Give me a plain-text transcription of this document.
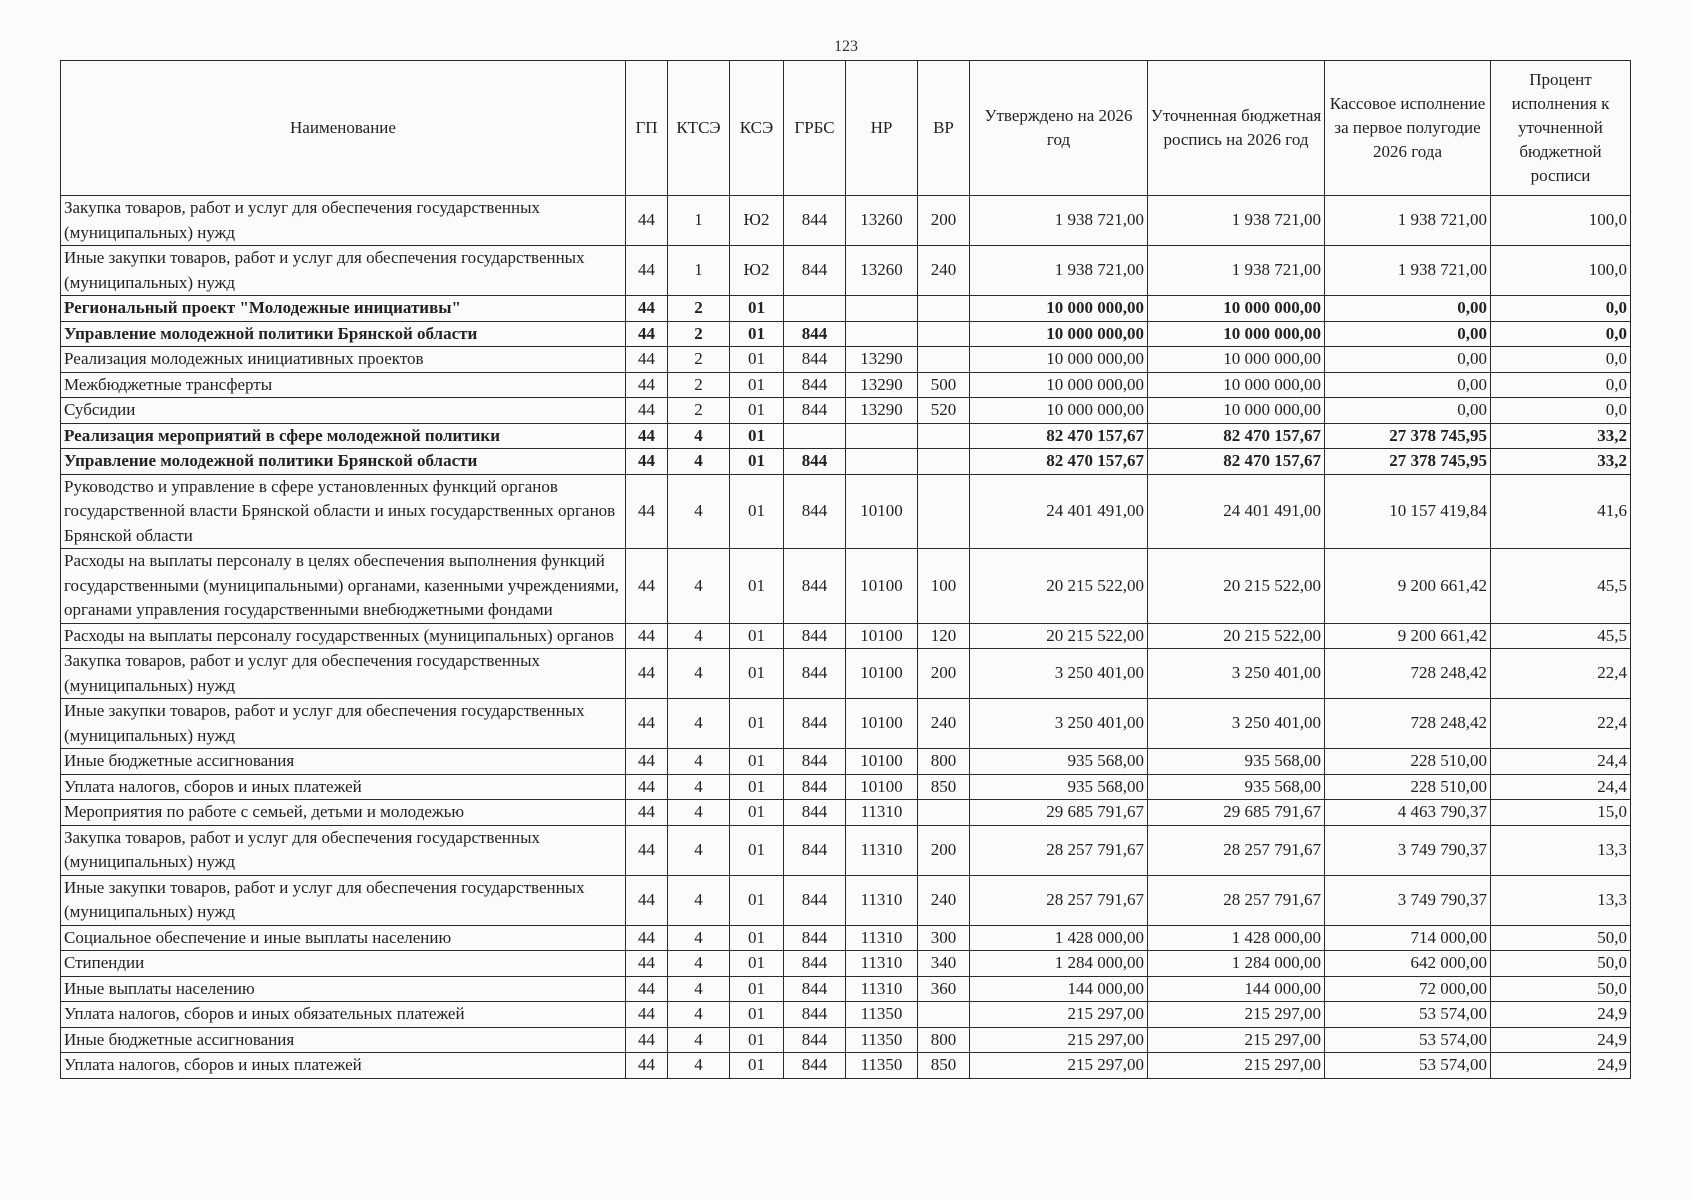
123
Наименование	ГП	КТСЭ	КСЭ	ГРБС	НР	ВР	Утверждено на 2026 год	Уточненная бюджетная роспись на 2026 год	Кассовое исполнение за первое полугодие 2026 года	Процент исполнения к уточненной бюджетной росписи
Закупка товаров, работ и услуг для обеспечения государственных (муниципальных) нужд	44	1	Ю2	844	13260	200	1 938 721,00	1 938 721,00	1 938 721,00	100,0
Иные закупки товаров, работ и услуг для обеспечения государственных (муниципальных) нужд	44	1	Ю2	844	13260	240	1 938 721,00	1 938 721,00	1 938 721,00	100,0
Региональный проект "Молодежные инициативы"	44	2	01				10 000 000,00	10 000 000,00	0,00	0,0
Управление молодежной политики Брянской области	44	2	01	844			10 000 000,00	10 000 000,00	0,00	0,0
Реализация молодежных инициативных проектов	44	2	01	844	13290		10 000 000,00	10 000 000,00	0,00	0,0
Межбюджетные трансферты	44	2	01	844	13290	500	10 000 000,00	10 000 000,00	0,00	0,0
Субсидии	44	2	01	844	13290	520	10 000 000,00	10 000 000,00	0,00	0,0
Реализация мероприятий в сфере молодежной политики	44	4	01				82 470 157,67	82 470 157,67	27 378 745,95	33,2
Управление молодежной политики Брянской области	44	4	01	844			82 470 157,67	82 470 157,67	27 378 745,95	33,2
Руководство и управление в сфере установленных функций органов государственной власти Брянской области и иных государственных органов Брянской области	44	4	01	844	10100		24 401 491,00	24 401 491,00	10 157 419,84	41,6
Расходы на выплаты персоналу в целях обеспечения выполнения функций государственными (муниципальными) органами, казенными учреждениями, органами управления государственными внебюджетными фондами	44	4	01	844	10100	100	20 215 522,00	20 215 522,00	9 200 661,42	45,5
Расходы на выплаты персоналу государственных (муниципальных) органов	44	4	01	844	10100	120	20 215 522,00	20 215 522,00	9 200 661,42	45,5
Закупка товаров, работ и услуг для обеспечения государственных (муниципальных) нужд	44	4	01	844	10100	200	3 250 401,00	3 250 401,00	728 248,42	22,4
Иные закупки товаров, работ и услуг для обеспечения государственных (муниципальных) нужд	44	4	01	844	10100	240	3 250 401,00	3 250 401,00	728 248,42	22,4
Иные бюджетные ассигнования	44	4	01	844	10100	800	935 568,00	935 568,00	228 510,00	24,4
Уплата налогов, сборов и иных платежей	44	4	01	844	10100	850	935 568,00	935 568,00	228 510,00	24,4
Мероприятия по работе с семьей, детьми и молодежью	44	4	01	844	11310		29 685 791,67	29 685 791,67	4 463 790,37	15,0
Закупка товаров, работ и услуг для обеспечения государственных (муниципальных) нужд	44	4	01	844	11310	200	28 257 791,67	28 257 791,67	3 749 790,37	13,3
Иные закупки товаров, работ и услуг для обеспечения государственных (муниципальных) нужд	44	4	01	844	11310	240	28 257 791,67	28 257 791,67	3 749 790,37	13,3
Социальное обеспечение и иные выплаты населению	44	4	01	844	11310	300	1 428 000,00	1 428 000,00	714 000,00	50,0
Стипендии	44	4	01	844	11310	340	1 284 000,00	1 284 000,00	642 000,00	50,0
Иные выплаты населению	44	4	01	844	11310	360	144 000,00	144 000,00	72 000,00	50,0
Уплата налогов, сборов и иных обязательных платежей	44	4	01	844	11350		215 297,00	215 297,00	53 574,00	24,9
Иные бюджетные ассигнования	44	4	01	844	11350	800	215 297,00	215 297,00	53 574,00	24,9
Уплата налогов, сборов и иных платежей	44	4	01	844	11350	850	215 297,00	215 297,00	53 574,00	24,9
